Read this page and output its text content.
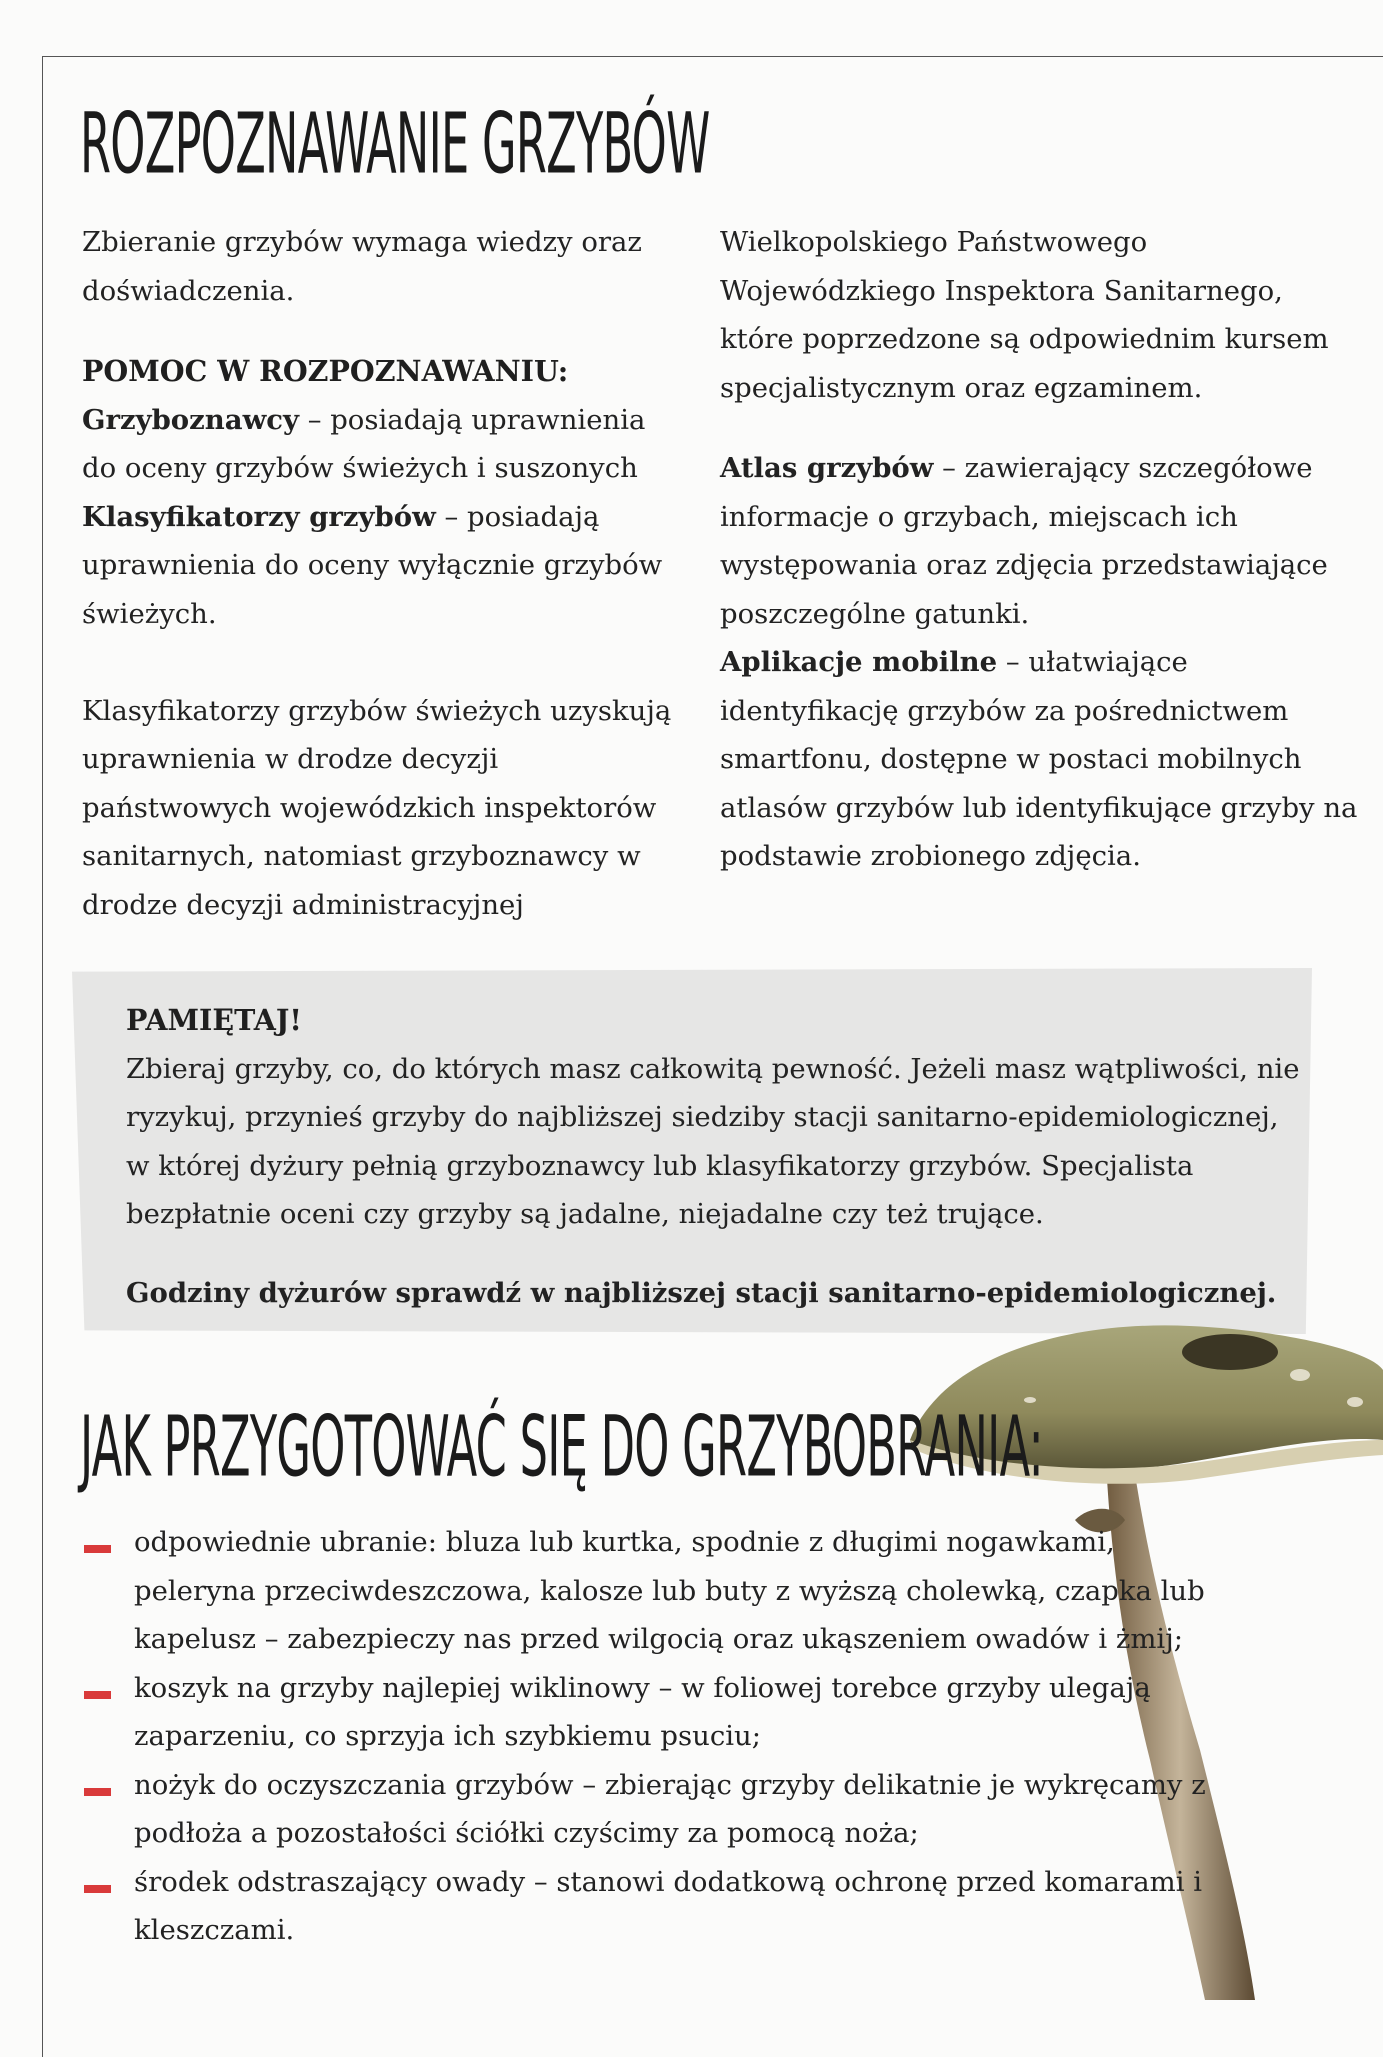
ROZPOZNAWANIE GRZYBÓW

Zbieranie grzybów wymaga wiedzy oraz doświadczenia.

POMOC W ROZPOZNAWANIU:

Grzyboznawcy – posiadają uprawnienia do oceny grzybów świeżych i suszonych

Klasyfikatorzy grzybów – posiadają uprawnienia do oceny wyłącznie grzybów świeżych.

Klasyfikatorzy grzybów świeżych uzyskują uprawnienia w drodze decyzji państwowych wojewódzkich inspektorów sanitarnych, natomiast grzyboznawcy w drodze decyzji administracyjnej

Wielkopolskiego Państwowego Wojewódzkiego Inspektora Sanitarnego, które poprzedzone są odpowiednim kursem specjalistycznym oraz egzaminem.

Atlas grzybów – zawierający szczegółowe informacje o grzybach, miejscach ich występowania oraz zdjęcia przedstawiające poszczególne gatunki.

Aplikacje mobilne – ułatwiające identyfikację grzybów za pośrednictwem smartfonu, dostępne w postaci mobilnych atlasów grzybów lub identyfikujące grzyby na podstawie zrobionego zdjęcia.

PAMIĘTAJ!

Zbieraj grzyby, co, do których masz całkowitą pewność. Jeżeli masz wątpliwości, nie ryzykuj, przynieś grzyby do najbliższej siedziby stacji sanitarno-epidemiologicznej, w której dyżury pełnią grzyboznawcy lub klasyfikatorzy grzybów. Specjalista bezpłatnie oceni czy grzyby są jadalne, niejadalne czy też trujące.

Godziny dyżurów sprawdź w najbliższej stacji sanitarno-epidemiologicznej.

JAK PRZYGOTOWAĆ SIĘ DO GRZYBOBRANIA:
odpowiednie ubranie: bluza lub kurtka, spodnie z długimi nogawkami, peleryna przeciwdeszczowa, kalosze lub buty z wyższą cholewką, czapka lub kapelusz – zabezpieczy nas przed wilgocią oraz ukąszeniem owadów i żmij;
koszyk na grzyby najlepiej wiklinowy – w foliowej torebce grzyby ulegają zaparzeniu, co sprzyja ich szybkiemu psuciu;
nożyk do oczyszczania grzybów – zbierając grzyby delikatnie je wykręcamy z podłoża a pozostałości ściółki czyścimy za pomocą noża;
środek odstraszający owady – stanowi dodatkową ochronę przed komarami i kleszczami.
